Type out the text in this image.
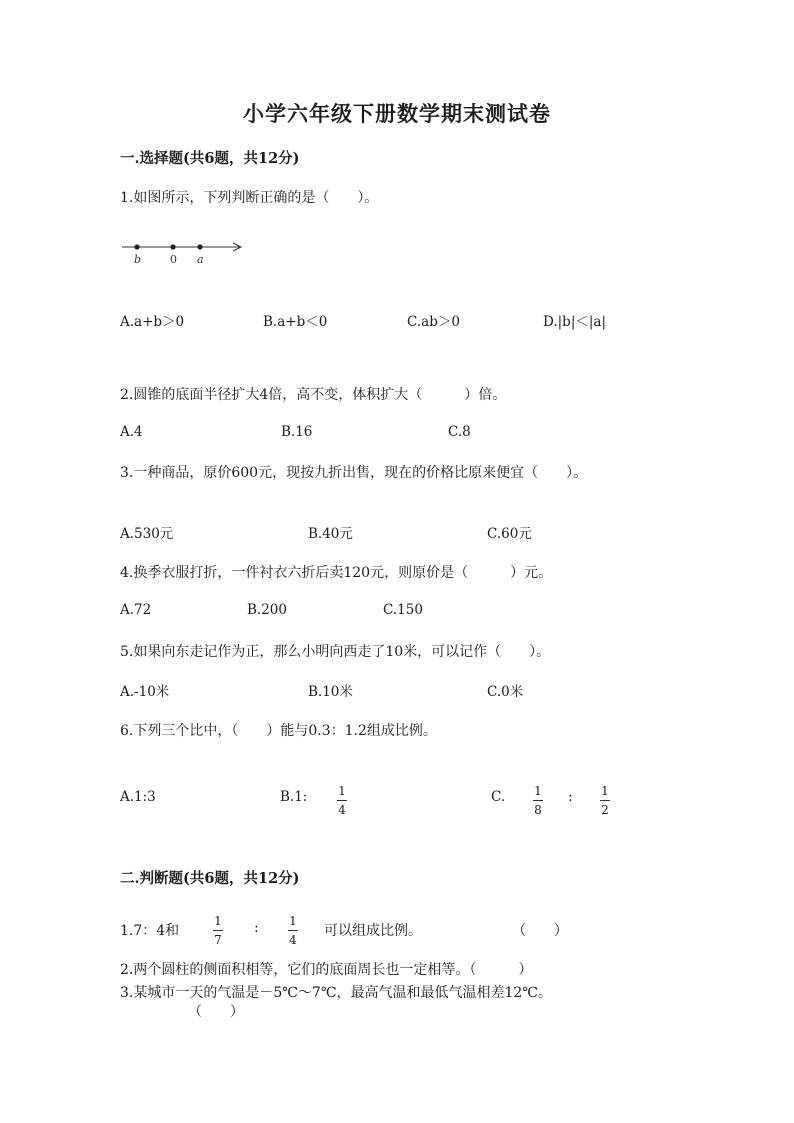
小学六年级下册数学期末测试卷
一.选择题(共6题，共12分)
1.如图所示，下列判断正确的是（　　）。
b	0 a
A.a+b＞0	B.a+b＜0	C.ab＞0	D.|b|＜|a|
2.圆锥的底面半径扩大4倍，高不变，体积扩大（　　　）倍。
A.4	B.16	C.8
3.一种商品，原价600元，现按九折出售，现在的价格比原来便宜（　　）。
A.530元	B.40元	C.60元
4.换季衣服打折，一件衬衣六折后卖120元，则原价是（　　　）元。
A.72	B.200	C.150
5.如果向东走记作为正，那么小明向西走了10米，可以记作（　　）。
A.-10米	B.10米	C.0米
6.下列三个比中，（　　）能与0.3：1.2组成比例。
A.1:3	B.1:	1
4
C. 1
8
: 1
2
二.判断题(共6题，共12分)
1.7：4和
1
7
:	1
4
可以组成比例。	（　　）
2.两个圆柱的侧面积相等，它们的底面周长也一定相等。（　　　）
3.某城市一天的气温是－5℃～7℃，最高气温和最低气温相差12℃。
（　　）
